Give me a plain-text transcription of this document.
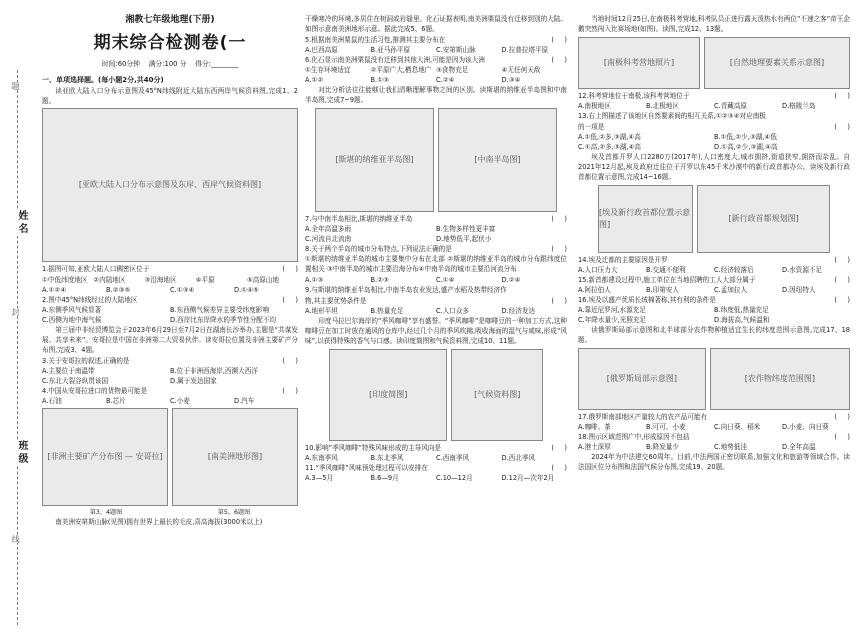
题
姓名
封
班级
线
湘教七年级地理(下册)
期末综合检测卷(一
时间:60分钟 满分:100 分 得分:________
一、单项选择题。(每小题2分,共40分)
读亚欧大陆入口分布示意图及45°N纬线附近大陆东西两岸气候资料图,完成1、2题。
[亚欧大陆人口分布示意图及东岸、西岸气候资料图]
1.据图可知,亚欧大陆人口稠密区位于	(     )
①中低纬度地区 ②内陆地区	③沿海地区	④平原	⑤高原山地
A.①②④	B.②③⑤	C.①③④	D.①④⑤
2.图中45°N纬线经过的大陆地区	(     )
A.东侧季风气候显著	B.东西侧气候差异主要受纬度影响
C.西侧为地中海气候	D.西岸比东岸降水的季节性分配不均
第三届中非经贸博览会于2023年6月29日至7月2日在湖南长沙举办,主题是“共谋发展、共享未来”。安哥拉是中国在非洲第二大贸易伙伴。读安哥拉位置及非洲主要矿产分布图,完成3、4题。
3.关于安哥拉的叙述,正确的是	(     )
A.主要位于南温带	B.位于非洲西海岸,西濒大西洋
C.东北大裂谷纵贯该国	D.属于发达国家
4.中国从安哥拉进口的货物最可能是	(     )
A.石油	B.芯片	C.小麦	D.汽车
[非洲主要矿产分布图 — 安哥拉]	[南美洲地形图]
第3、4题图	第5、6题图
南美洲安第斯山脉(见图)拥有世界上最长的毛皮,喜高海拔(3000米以上)
干燥寒冷的环境,多居住在树洞或岩缝里。化石证据表明,南美洲栗鼠没有迁移到别的大陆。如图示意南美洲地形示意。据此完成5、6题。
5.根据南美洲栗鼠的生活习性,推测其主要分布在	(     )
A.巴西高原	B.亚马孙平原	C.安第斯山脉	D.拉普拉塔平原
6.化石显示南美洲栗鼠没有迁移到其他大洲,可能是因为该大洲	(     )
①生存环境适宜	②平原广大,栖息地广 ③食物充足	④无任何天敌
A.①②	B.①③	C.②④	D.③④
对比分析法往往能够让我们清晰理解事物之间的区别。读斯堪的纳维亚半岛图和中南半岛图,完成7~9题。
[斯堪的纳维亚半岛图]	[中南半岛图]
7.与中南半岛相比,斯堪的纳维亚半岛	(     )
A.全年高温多雨	B.生物多样性更丰富
C.河流自北流南	D.地势低平,起伏小
8.关于两个半岛的城市分布特点,下列说法正确的是	(     )
①斯堪的纳维亚半岛的城市主要集中分布在北部 ②斯堪的纳维亚半岛的城市分布跟纬度位置相关 ③中南半岛的城市主要沿海分布④中南半岛的城市主要沿河流分布
A.①③	B.②③	C.①④	D.②④
9.与斯堪的纳维亚半岛相比,中南半岛农业发达,盛产水稻及热带经济作
物,其主要优势条件是	(     )
A.地形平坦	B.热量充足	C.人口众多	D.经济发达
印度马拉巴尔海岸的“季风咖啡”享有盛誉。“季风咖啡”是咖啡豆的一种加工方式,这种咖啡豆在加工时放在通风的仓库中,经过几个月的季风吹拂,吸收海面的湿气与咸味,形成“风味”,以获得特殊的香气与口感。读印度简图和气候资料图,完成10、11题。
[印度简图]	[气候资料图]
10.影响“季风咖啡”特殊风味形成的主导风向是	(     )
A.东南季风	B.东北季风	C.西南季风	D.西北季风
11.“季风咖啡”风味预处理过程可以安排在	(     )
A.3—5月	B.6—9月	C.10—12月	D.12月—次年2月
当地时间12月25日,在南极科考营地,科考队员正进行露天泼热水有两位“不速之客”帝王企鹅突然闯入比赛场地(如图)。读图,完成12、13题。
[南极科考营地照片]	[自然地理要素关系示意图]
12.科考营地位于南极,该科考营地位于	(     )
A.南极地区	B.北极地区	C.青藏高原	D.格陵兰岛
13.右上图描述了该地区自然要素间的相互关系,①②③④对应南极
的一项是	(     )
A.①低,②多,③湖,④高	B.①低,②少,③湖,④低
C.①高,②多,③湖,④高	D.①高,②少,③湖,④高
埃及首都开罗人口2280万(2017年),人口密度大,城市拥挤,街道狭窄,拥挤而杂乱。自2021年12月起,埃及政府迁往位于开罗以东45千米沙漠中的新行政首都办公。读埃及新行政首都位置示意图,完成14~16题。
[埃及新行政首都位置示意图]
[新行政首都规划图]
14.埃及迁都的主要原因是开罗	(     )
A.人口压力大	B.交通不便利	C.经济较落后	D.水资源不足
15.新首都建设过程中,施工单位在当地招聘的工人大部分属于	(     )
A.阿拉伯人	B.印第安人	C.孟加拉人	D.因纽特人
16.埃及以盛产优质长绒棉著称,其有利的条件是	(     )
A.靠近尼罗河,水源充足	B.纬度低,热量充足
C.年降水量少,光照充足	D.海拔高,气候温和
读俄罗斯局部示意图和北半球部分农作物种植适宜生长的纬度范围示意图,完成17、18题。
[俄罗斯局部示意图]	[农作物纬度范围图]
17.俄罗斯南部地区产量较大的农产品可能有	(     )
A.咖啡、茶	B.可可、小麦	C.向日葵、稻米	D.小麦、向日葵
18.图示区域范围广中,形成原因不包括	(     )
A.港土深厚	B.降发量少	C.地势低洼	D.全年高温
2024年为中法建交60周年。目前,中法两国正密切联系,加强文化和旅游等领域合作。读法国区位分布图和法国气候分布图,完成19、20题。
